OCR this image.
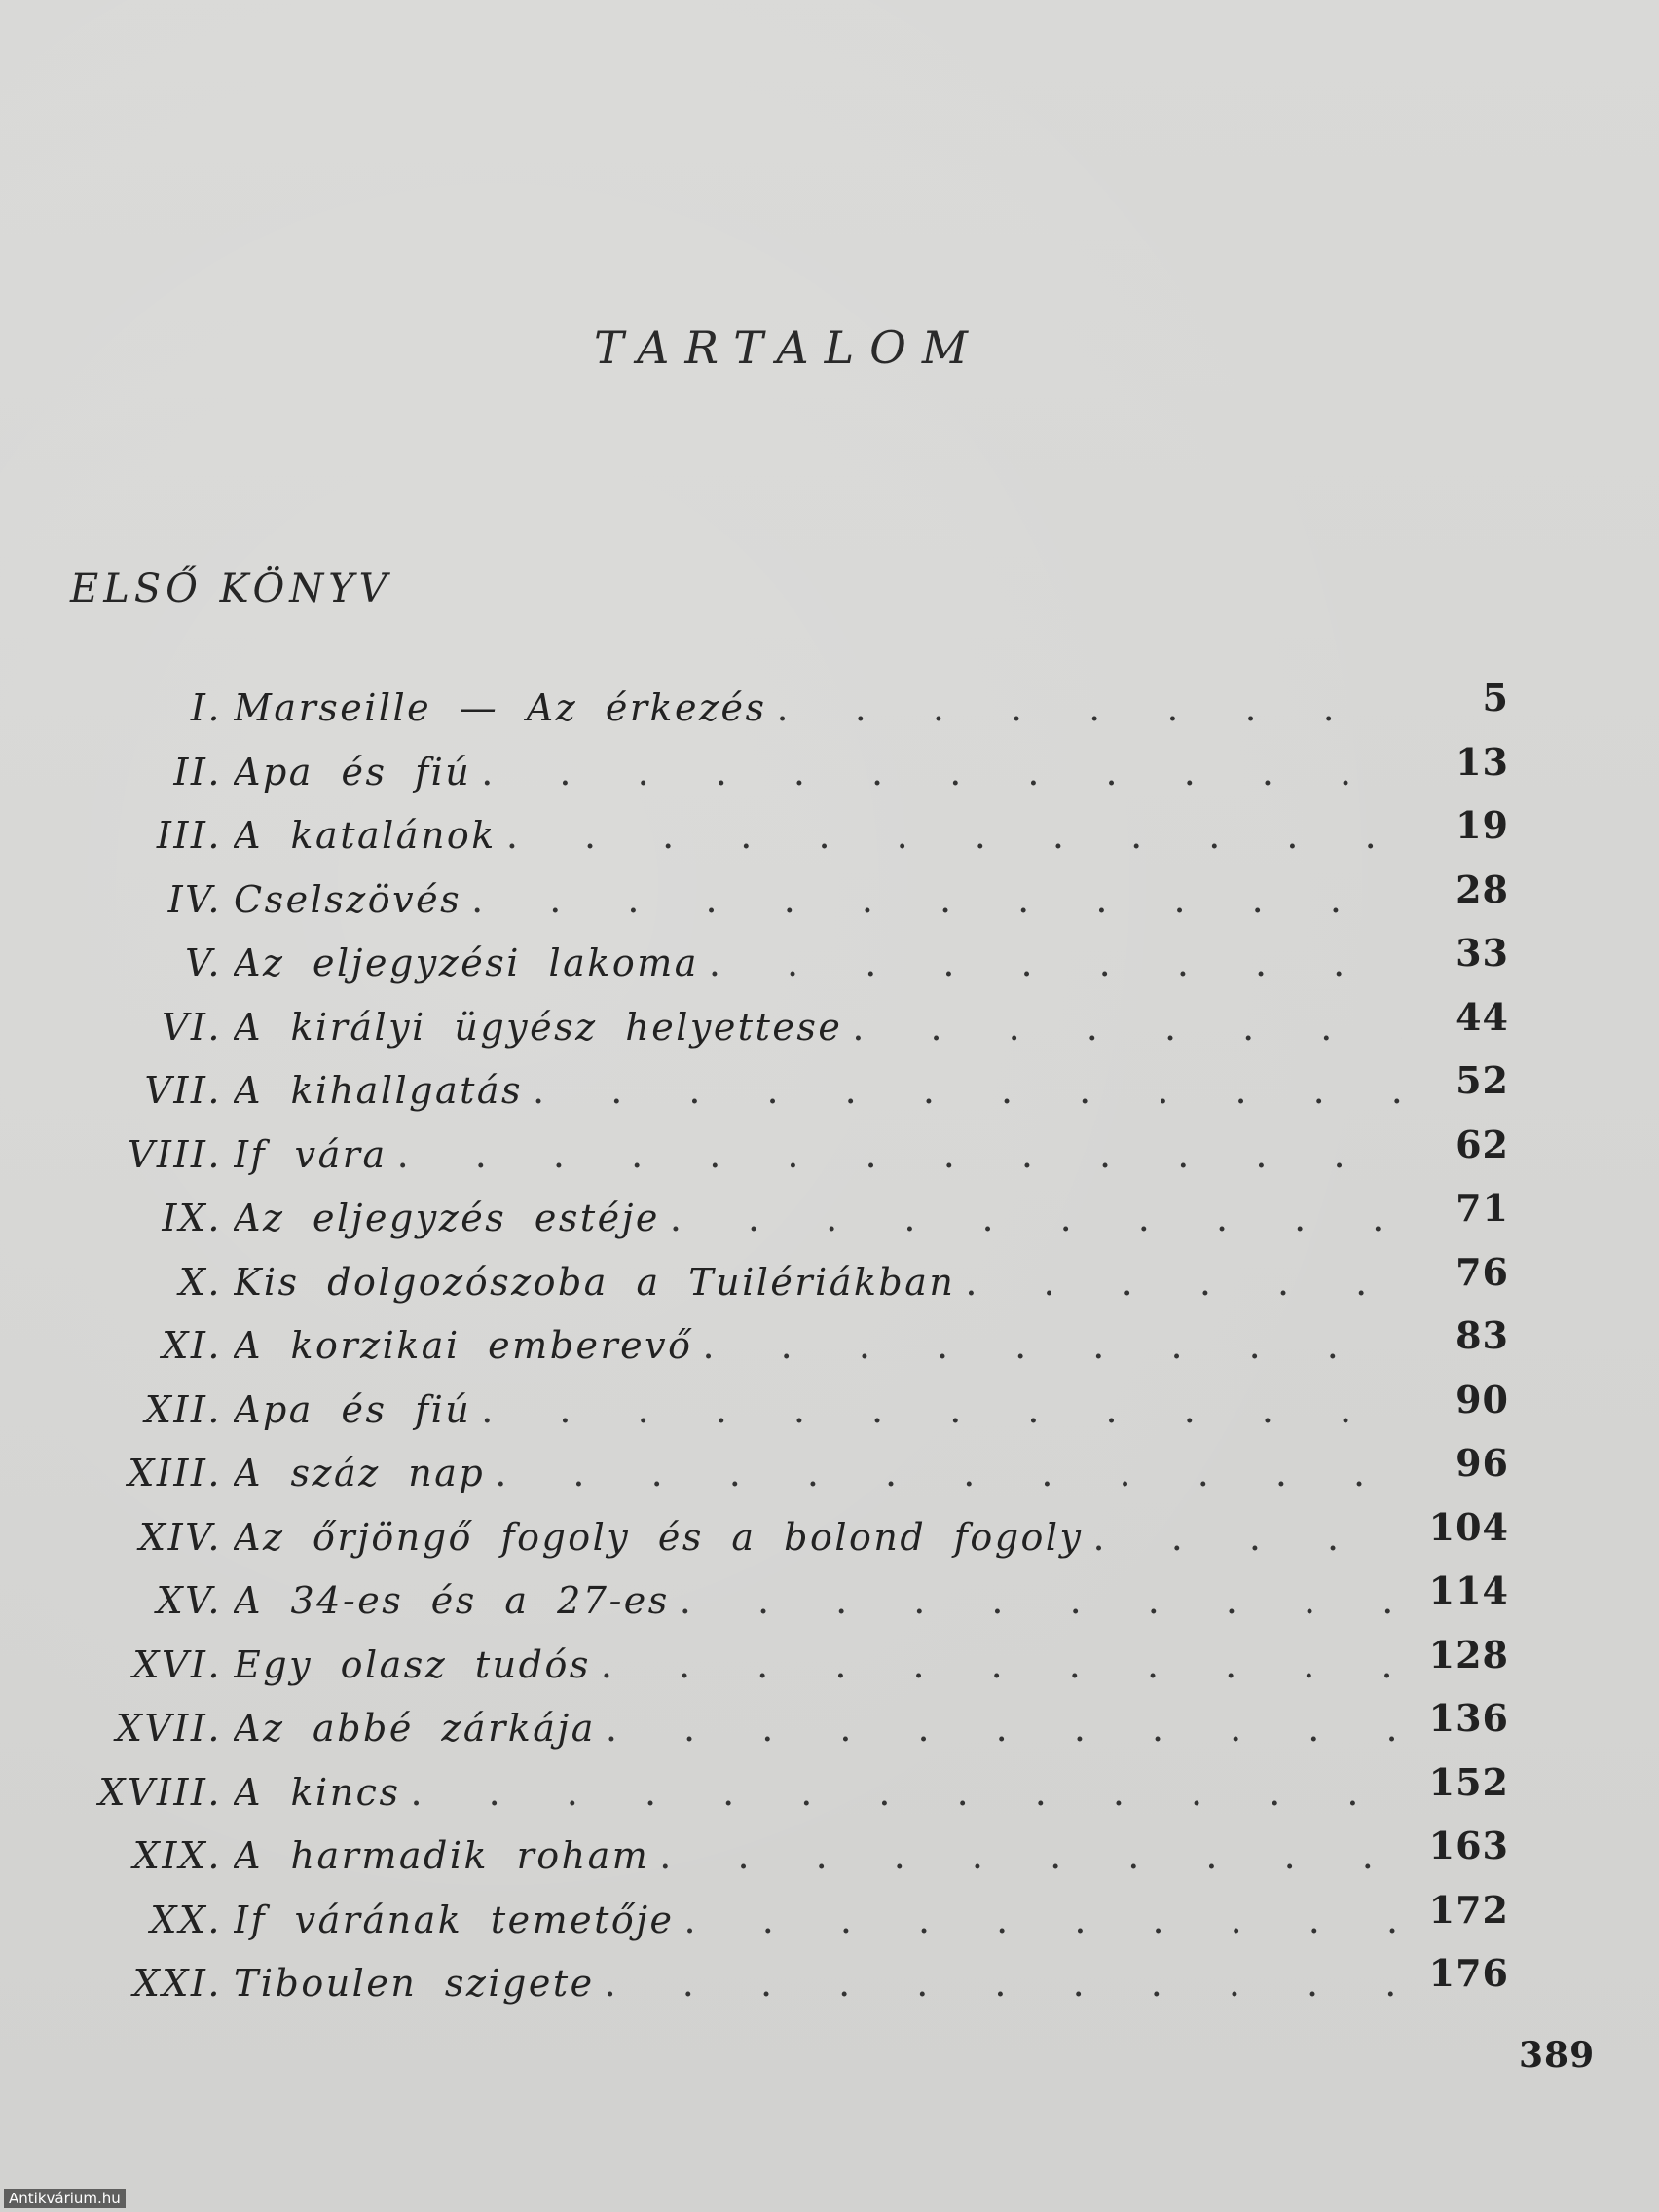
TARTALOM
ELSŐ KÖNYV
I. Marseille — Az érkezés . . .	5
II. Apa és fiú . . .	13
III. A katalánok . . .	19
IV. Cselszövés . . .	28
V. Az eljegyzési lakoma . . .	33
VI. A királyi ügyész helyettese . . .	44
VII. A kihallgatás . . .	52
VIII. If vára . . .	62
IX. Az eljegyzés estéje . . .	71
X. Kis dolgozószoba a Tuilériákban . . .	76
XI. A korzikai emberevő . . .	83
XII. Apa és fiú . . .	90
XIII. A száz nap . . .	96
XIV. Az őrjöngő fogoly és a bolond fogoly . . .	104
XV. A 34-es és a 27-es . . .	114
XVI. Egy olasz tudós . . .	128
XVII. Az abbé zárkája . . .	136
XVIII. A kincs . . .	152
XIX. A harmadik roham . . .	163
XX. If várának temetője . . .	172
XXI. Tiboulen szigete . . .	176
389
Antikvárium.hu
